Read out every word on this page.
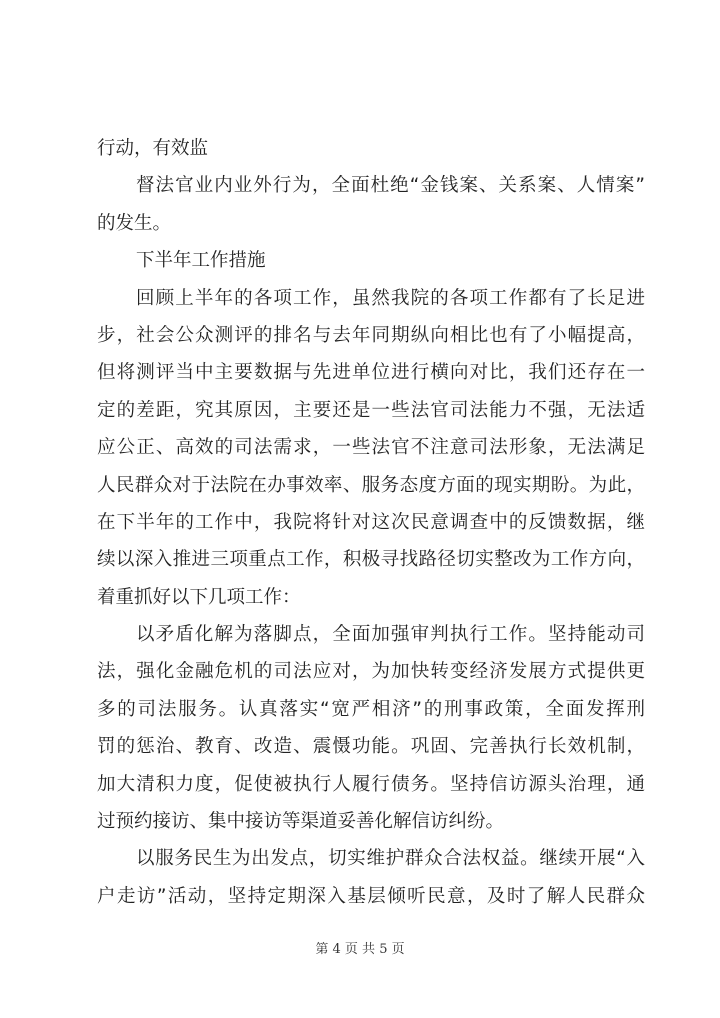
行动，有效监
督法官业内业外行为，全面杜绝“金钱案、关系案、人情案”
的发生。
下半年工作措施
回顾上半年的各项工作，虽然我院的各项工作都有了长足进
步，社会公众测评的排名与去年同期纵向相比也有了小幅提高，
但将测评当中主要数据与先进单位进行横向对比，我们还存在一
定的差距，究其原因，主要还是一些法官司法能力不强，无法适
应公正、高效的司法需求，一些法官不注意司法形象，无法满足
人民群众对于法院在办事效率、服务态度方面的现实期盼。为此，
在下半年的工作中，我院将针对这次民意调查中的反馈数据，继
续以深入推进三项重点工作，积极寻找路径切实整改为工作方向，
着重抓好以下几项工作：
以矛盾化解为落脚点，全面加强审判执行工作。坚持能动司
法，强化金融危机的司法应对，为加快转变经济发展方式提供更
多的司法服务。认真落实“宽严相济”的刑事政策，全面发挥刑
罚的惩治、教育、改造、震慑功能。巩固、完善执行长效机制，
加大清积力度，促使被执行人履行债务。坚持信访源头治理，通
过预约接访、集中接访等渠道妥善化解信访纠纷。
以服务民生为出发点，切实维护群众合法权益。继续开展“入
户走访”活动，坚持定期深入基层倾听民意，及时了解人民群众
第 4 页 共 5 页
